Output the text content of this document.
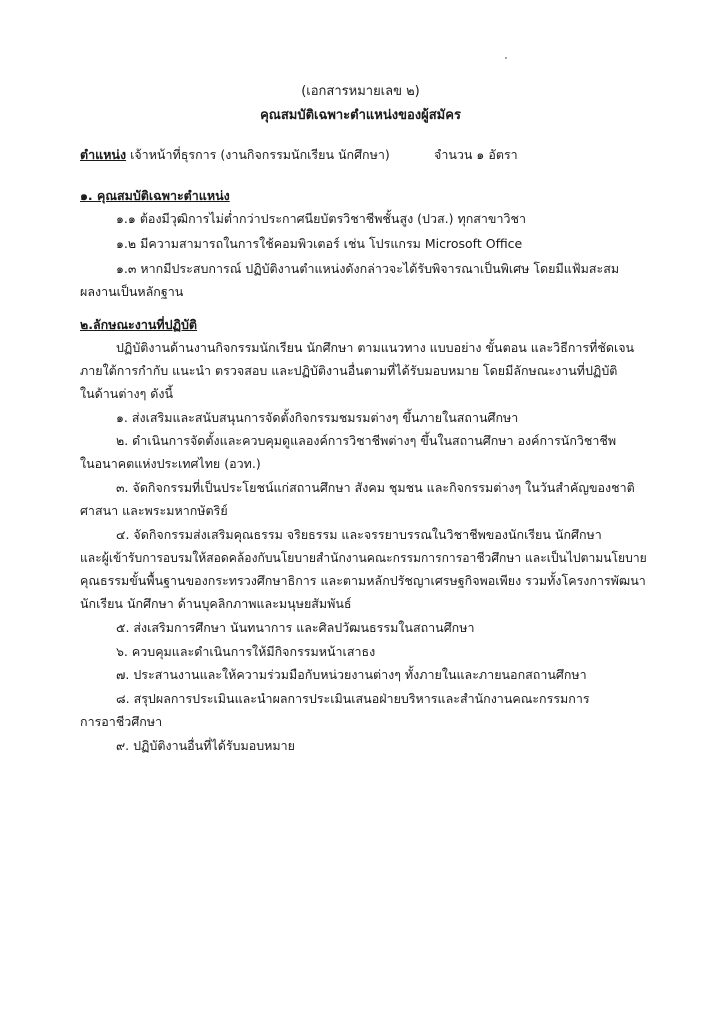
(เอกสารหมายเลข ๒)
คุณสมบัติเฉพาะตำแหน่งของผู้สมัคร
ตำแหน่ง เจ้าหน้าที่ธุรการ (งานกิจกรรมนักเรียน นักศึกษา)	จำนวน ๑ อัตรา
๑. คุณสมบัติเฉพาะตำแหน่ง
๑.๑ ต้องมีวุฒิการไม่ต่ำกว่าประกาศนียบัตรวิชาชีพชั้นสูง (ปวส.) ทุกสาขาวิชา
๑.๒ มีความสามารถในการใช้คอมพิวเตอร์ เช่น โปรแกรม Microsoft Office
๑.๓ หากมีประสบการณ์ ปฏิบัติงานตำแหน่งดังกล่าวจะได้รับพิจารณาเป็นพิเศษ โดยมีแฟ้มสะสม
ผลงานเป็นหลักฐาน
๒.ลักษณะงานที่ปฏิบัติ
ปฏิบัติงานด้านงานกิจกรรมนักเรียน นักศึกษา ตามแนวทาง แบบอย่าง ขั้นตอน และวิธีการที่ชัดเจน
ภายใต้การกำกับ แนะนำ ตรวจสอบ และปฏิบัติงานอื่นตามที่ได้รับมอบหมาย โดยมีลักษณะงานที่ปฏิบัติ
ในด้านต่างๆ ดังนี้
๑. ส่งเสริมและสนับสนุนการจัดตั้งกิจกรรมชมรมต่างๆ ขึ้นภายในสถานศึกษา
๒. ดำเนินการจัดตั้งและควบคุมดูแลองค์การวิชาชีพต่างๆ ขึ้นในสถานศึกษา องค์การนักวิชาชีพ
ในอนาคตแห่งประเทศไทย (อวท.)
๓. จัดกิจกรรมที่เป็นประโยชน์แก่สถานศึกษา สังคม ชุมชน และกิจกรรมต่างๆ ในวันสำคัญของชาติ
ศาสนา และพระมหากษัตริย์
๔. จัดกิจกรรมส่งเสริมคุณธรรม จริยธรรม และจรรยาบรรณในวิชาชีพของนักเรียน นักศึกษา
และผู้เข้ารับการอบรมให้สอดคล้องกับนโยบายสำนักงานคณะกรรมการการอาชีวศึกษา และเป็นไปตามนโยบาย
คุณธรรมขั้นพื้นฐานของกระทรวงศึกษาธิการ และตามหลักปรัชญาเศรษฐกิจพอเพียง รวมทั้งโครงการพัฒนา
นักเรียน นักศึกษา ด้านบุคลิกภาพและมนุษยสัมพันธ์
๕. ส่งเสริมการศึกษา นันทนาการ และศิลปวัฒนธรรมในสถานศึกษา
๖. ควบคุมและดำเนินการให้มีกิจกรรมหน้าเสาธง
๗. ประสานงานและให้ความร่วมมือกับหน่วยงานต่างๆ ทั้งภายในและภายนอกสถานศึกษา
๘. สรุปผลการประเมินและนำผลการประเมินเสนอฝ่ายบริหารและสำนักงานคณะกรรมการ
การอาชีวศึกษา
๙. ปฏิบัติงานอื่นที่ได้รับมอบหมาย
